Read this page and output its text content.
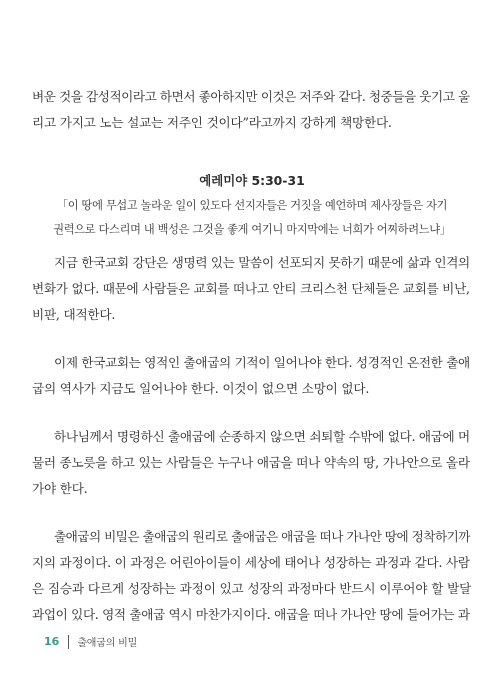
벼운 것을 감성적이라고 하면서 좋아하지만 이것은 저주와 같다. 청중들을 웃기고 울
리고 가지고 노는 설교는 저주인 것이다”라고까지 강하게 책망한다.

예레미야 5:30-31
「이 땅에 무섭고 놀라운 일이 있도다 선지자들은 거짓을 예언하며 제사장들은 자기
권력으로 다스리며 내 백성은 그것을 좋게 여기니 마지막에는 너희가 어찌하려느냐」

지금 한국교회 강단은 생명력 있는 말씀이 선포되지 못하기 때문에 삶과 인격의
변화가 없다. 때문에 사람들은 교회를 떠나고 안티 크리스천 단체들은 교회를 비난,
비판, 대적한다.

이제 한국교회는 영적인 출애굽의 기적이 일어나야 한다. 성경적인 온전한 출애
굽의 역사가 지금도 일어나야 한다. 이것이 없으면 소망이 없다.

하나님께서 명령하신 출애굽에 순종하지 않으면 쇠퇴할 수밖에 없다. 애굽에 머
물러 종노릇을 하고 있는 사람들은 누구나 애굽을 떠나 약속의 땅, 가나안으로 올라
가야 한다.

출애굽의 비밀은 출애굽의 원리로 출애굽은 애굽을 떠나 가나안 땅에 정착하기까
지의 과정이다. 이 과정은 어린아이들이 세상에 태어나 성장하는 과정과 같다. 사람
은 짐승과 다르게 성장하는 과정이 있고 성장의 과정마다 반드시 이루어야 할 발달
과업이 있다. 영적 출애굽 역시 마찬가지이다. 애굽을 떠나 가나안 땅에 들어가는 과

16 출애굽의 비밀
